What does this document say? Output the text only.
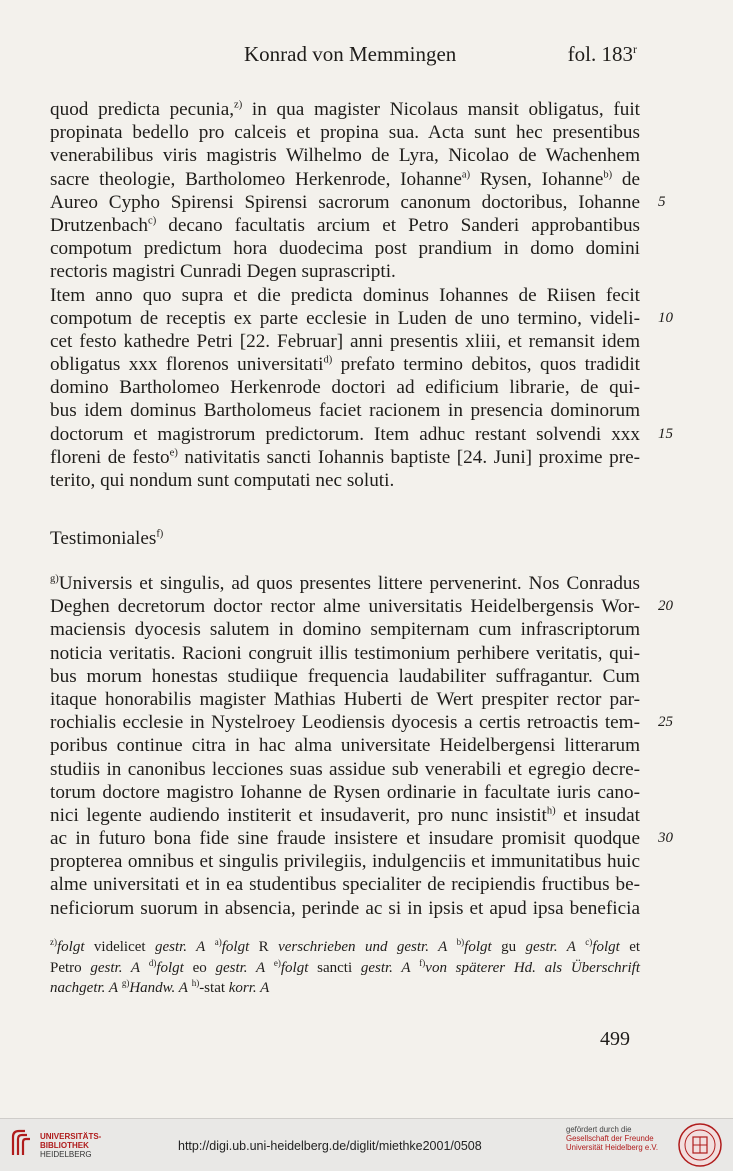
Konrad von Memmingen	fol. 183$^r$
quod predicta pecunia,$^{z)}$ in qua magister Nicolaus mansit obligatus, fuit
propinata bedello pro calceis et propina sua. Acta sunt hec presentibus
venerabilibus viris magistris Wilhelmo de Lyra, Nicolao de Wachenhem
sacre theologie, Bartholomeo Herkenrode, Iohanne$^{a)}$ Rysen, Iohanne$^{b)}$ de
Aureo Cypho Spirensi Spirensi sacrorum canonum doctoribus, Iohanne 5
Drutzenbach$^{c)}$ decano facultatis arcium et Petro Sanderi approbantibus
compotum predictum hora duodecima post prandium in domo domini
rectoris magistri Cunradi Degen suprascripti.
Item anno quo supra et die predicta dominus Iohannes de Riisen fecit
compotum de receptis ex parte ecclesie in Luden de uno termino, videli- 10
cet festo kathedre Petri [22. Februar] anni presentis xliii, et remansit idem
obligatus xxx florenos universitati$^{d)}$ prefato termino debitos, quos tradidit
domino Bartholomeo Herkenrode doctori ad edificium librarie, de qui-
bus idem dominus Bartholomeus faciet racionem in presencia dominorum
doctorum et magistrorum predictorum. Item adhuc restant solvendi xxx 15
floreni de festo$^{e)}$ nativitatis sancti Iohannis baptiste [24. Juni] proxime pre-
terito, qui nondum sunt computati nec soluti.
Testimoniales$^{f)}$
$^{g)}$Universis et singulis, ad quos presentes littere pervenerint. Nos Conradus
Deghen decretorum doctor rector alme universitatis Heidelbergensis Wor- 20
maciensis dyocesis salutem in domino sempiternam cum infrascriptorum
noticia veritatis. Racioni congruit illis testimonium perhibere veritatis, qui-
bus morum honestas studiique frequencia laudabiliter suffragantur. Cum
itaque honorabilis magister Mathias Huberti de Wert prespiter rector par-
rochialis ecclesie in Nystelroey Leodiensis dyocesis a certis retroactis tem- 25
poribus continue citra in hac alma universitate Heidelbergensi litterarum
studiis in canonibus lecciones suas assidue sub venerabili et egregio decre-
torum doctore magistro Iohanne de Rysen ordinarie in facultate iuris cano-
nici legente audiendo institerit et insudaverit, pro nunc insistit$^{h)}$ et insudat
ac in futuro bona fide sine fraude insistere et insudare promisit quodque 30
propterea omnibus et singulis privilegiis, indulgenciis et immunitatibus huic
alme universitati et in ea studentibus specialiter de recipiendis fructibus be-
neficiorum suorum in absencia, perinde ac si in ipsis et apud ipsa beneficia
$^{z)}$folgt videlicet gestr. A $^{a)}$folgt R verschrieben und gestr. A $^{b)}$folgt gu gestr. A $^{c)}$folgt et
Petro gestr. A $^{d)}$folgt eo gestr. A $^{e)}$folgt sancti gestr. A $^{f)}$von späterer Hd. als Überschrift
nachgetr. A $^{g)}$Handw. A $^{h)}$-stat korr. A
499
UNIVERSITÄTS-
BIBLIOTHEK
HEIDELBERG
http://digi.ub.uni-heidelberg.de/diglit/miethke2001/0508
gefördert durch die
Gesellschaft der Freunde
Universität Heidelberg e.V.
